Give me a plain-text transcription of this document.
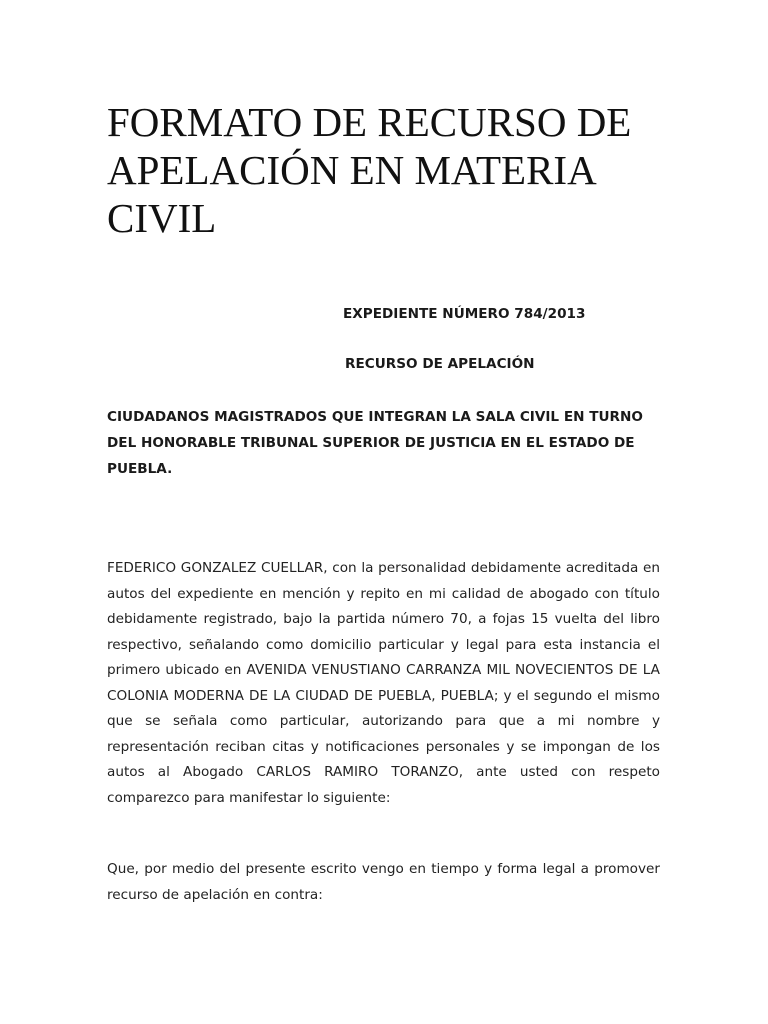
FORMATO DE RECURSO DE APELACIÓN EN MATERIA CIVIL

EXPEDIENTE NÚMERO 784/2013

RECURSO DE APELACIÓN

CIUDADANOS MAGISTRADOS QUE INTEGRAN LA SALA CIVIL EN TURNO DEL HONORABLE TRIBUNAL SUPERIOR DE JUSTICIA EN EL ESTADO DE PUEBLA.

FEDERICO GONZALEZ CUELLAR, con la personalidad debidamente acreditada en autos del expediente en mención y repito en mi calidad de abogado con título debidamente registrado, bajo la partida número 70, a fojas 15 vuelta del libro respectivo, señalando como domicilio particular y legal para esta instancia el primero ubicado en AVENIDA VENUSTIANO CARRANZA MIL NOVECIENTOS DE LA COLONIA MODERNA DE LA CIUDAD DE PUEBLA, PUEBLA; y el segundo el mismo que se señala como particular, autorizando para que a mi nombre y representación reciban citas y notificaciones personales y se impongan de los autos al Abogado CARLOS RAMIRO TORANZO, ante usted con respeto comparezco para manifestar lo siguiente:

Que, por medio del presente escrito vengo en tiempo y forma legal a promover recurso de apelación en contra:
